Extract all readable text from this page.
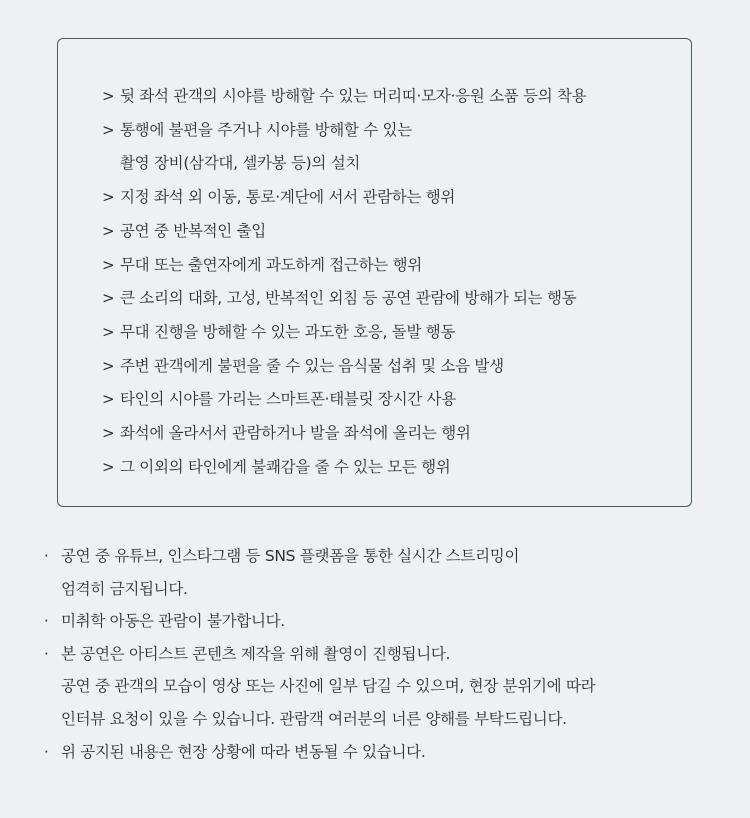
> 뒷 좌석 관객의 시야를 방해할 수 있는 머리띠·모자·응원 소품 등의 착용
> 통행에 불편을 주거나 시야를 방해할 수 있는
촬영 장비(삼각대, 셀카봉 등)의 설치
> 지정 좌석 외 이동, 통로·계단에 서서 관람하는 행위
> 공연 중 반복적인 출입
> 무대 또는 출연자에게 과도하게 접근하는 행위
> 큰 소리의 대화, 고성, 반복적인 외침 등 공연 관람에 방해가 되는 행동
> 무대 진행을 방해할 수 있는 과도한 호응, 돌발 행동
> 주변 관객에게 불편을 줄 수 있는 음식물 섭취 및 소음 발생
> 타인의 시야를 가리는 스마트폰·태블릿 장시간 사용
> 좌석에 올라서서 관람하거나 발을 좌석에 올리는 행위
> 그 이외의 타인에게 불쾌감을 줄 수 있는 모든 행위
· 공연 중 유튜브, 인스타그램 등 SNS 플랫폼을 통한 실시간 스트리밍이
엄격히 금지됩니다.
· 미취학 아동은 관람이 불가합니다.
· 본 공연은 아티스트 콘텐츠 제작을 위해 촬영이 진행됩니다.
공연 중 관객의 모습이 영상 또는 사진에 일부 담길 수 있으며, 현장 분위기에 따라
인터뷰 요청이 있을 수 있습니다. 관람객 여러분의 너른 양해를 부탁드립니다.
· 위 공지된 내용은 현장 상황에 따라 변동될 수 있습니다.
